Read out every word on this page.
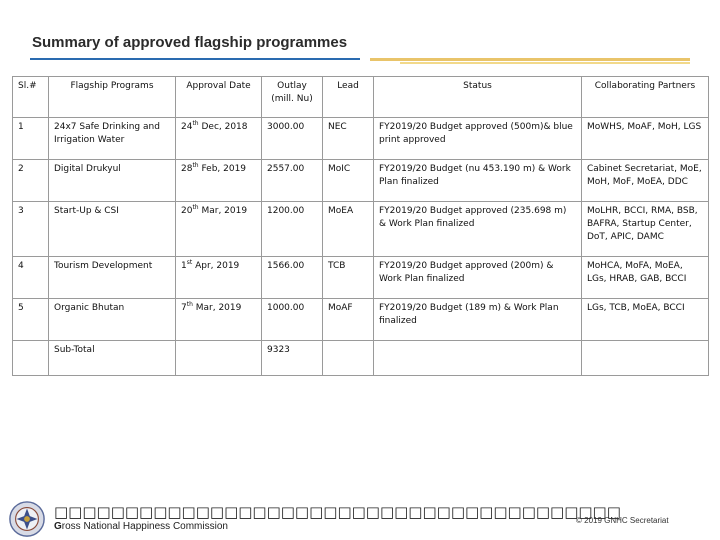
Summary of approved flagship programmes
Sl.#	Flagship Programs	Approval Date	Outlay (mill. Nu)	Lead	Status	Collaborating Partners
1	24x7 Safe Drinking and Irrigation Water	24th Dec, 2018	3000.00	NEC	FY2019/20 Budget approved (500m)& blue print approved	MoWHS, MoAF, MoH, LGS
2	Digital Drukyul	28th Feb, 2019	2557.00	MoIC	FY2019/20 Budget (nu 453.190 m) & Work Plan finalized	Cabinet Secretariat, MoE, MoH, MoF, MoEA, DDC
3	Start-Up & CSI	20th Mar, 2019	1200.00	MoEA	FY2019/20 Budget approved (235.698 m) & Work Plan finalized	MoLHR, BCCI, RMA, BSB, BAFRA, Startup Center, DoT, APIC, DAMC
4	Tourism Development	1st Apr, 2019	1566.00	TCB	FY2019/20 Budget approved (200m) & Work Plan finalized	MoHCA, MoFA, MoEA, LGs, HRAB, GAB, BCCI
5	Organic Bhutan	7th Mar, 2019	1000.00	MoAF	FY2019/20 Budget (189 m) & Work Plan finalized	LGs, TCB, MoEA, BCCI
	Sub-Total		9323			
□□□□□□□□□□□□□□□□□□□□□□□□□□□□□□□□□□□□□□□□
Gross National Happiness Commission
© 2019 GNHC Secretariat
